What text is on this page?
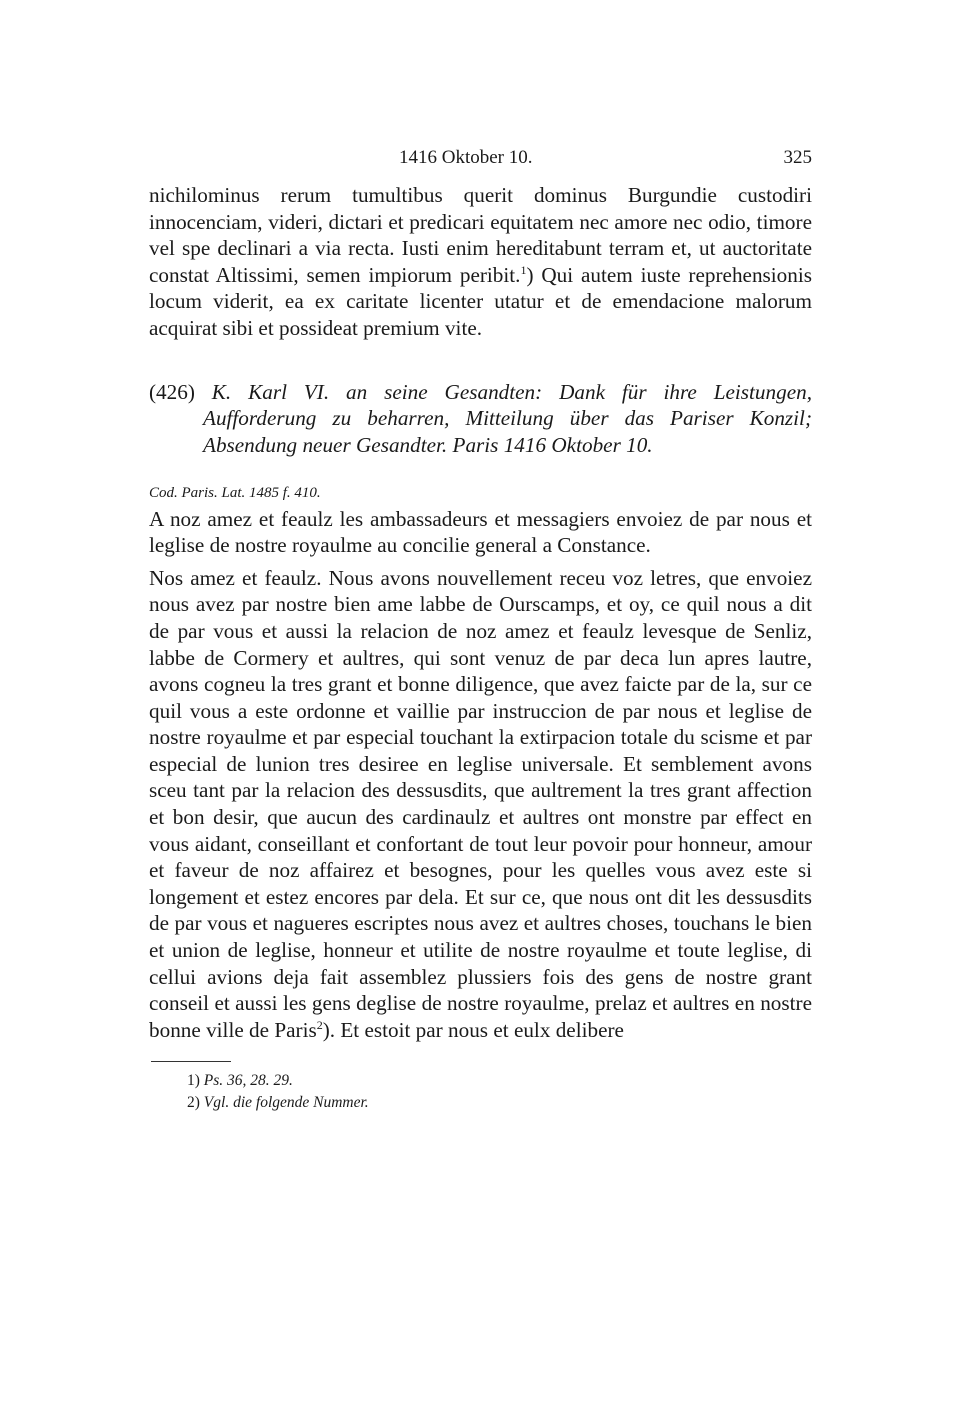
1416 Oktober 10.	325

nichilominus rerum tumultibus querit dominus Burgundie custodiri innocenciam, videri, dictari et predicari equitatem nec amore nec odio, timore vel spe declinari a via recta. Iusti enim hereditabunt terram et, ut auctoritate constat Altissimi, semen impiorum peribit.$^1$) Qui autem iuste reprehensionis locum viderit, ea ex caritate licenter utatur et de emendacione malorum acquirat sibi et possideat premium vite.

(426) K. Karl VI. an seine Gesandten: Dank für ihre Leistungen, Aufforderung zu beharren, Mitteilung über das Pariser Konzil; Absendung neuer Gesandter. Paris 1416 Oktober 10.

Cod. Paris. Lat. 1485 f. 410.

A noz amez et feaulz les ambassadeurs et messagiers envoiez de par nous et leglise de nostre royaulme au concilie general a Constance.

Nos amez et feaulz. Nous avons nouvellement receu voz letres, que envoiez nous avez par nostre bien ame labbe de Ourscamps, et oy, ce quil nous a dit de par vous et aussi la relacion de noz amez et feaulz levesque de Senliz, labbe de Cormery et aultres, qui sont venuz de par deca lun apres lautre, avons cogneu la tres grant et bonne diligence, que avez faicte par de la, sur ce quil vous a este ordonne et vaillie par instruccion de par nous et leglise de nostre royaulme et par especial touchant la extirpacion totale du scisme et par especial de lunion tres desiree en leglise universale. Et semblement avons sceu tant par la relacion des dessusdits, que aultrement la tres grant affection et bon desir, que aucun des cardinaulz et aultres ont monstre par effect en vous aidant, conseillant et confortant de tout leur povoir pour honneur, amour et faveur de noz affairez et besognes, pour les quelles vous avez este si longement et estez encores par dela. Et sur ce, que nous ont dit les dessusdits de par vous et nagueres escriptes nous avez et aultres choses, touchans le bien et union de leglise, honneur et utilite de nostre royaulme et toute leglise, di cellui avions deja fait assemblez plussiers fois des gens de nostre grant conseil et aussi les gens deglise de nostre royaulme, prelaz et aultres en nostre bonne ville de Paris$^2$). Et estoit par nous et eulx delibere

1) Ps. 36, 28. 29.

2) Vgl. die folgende Nummer.
